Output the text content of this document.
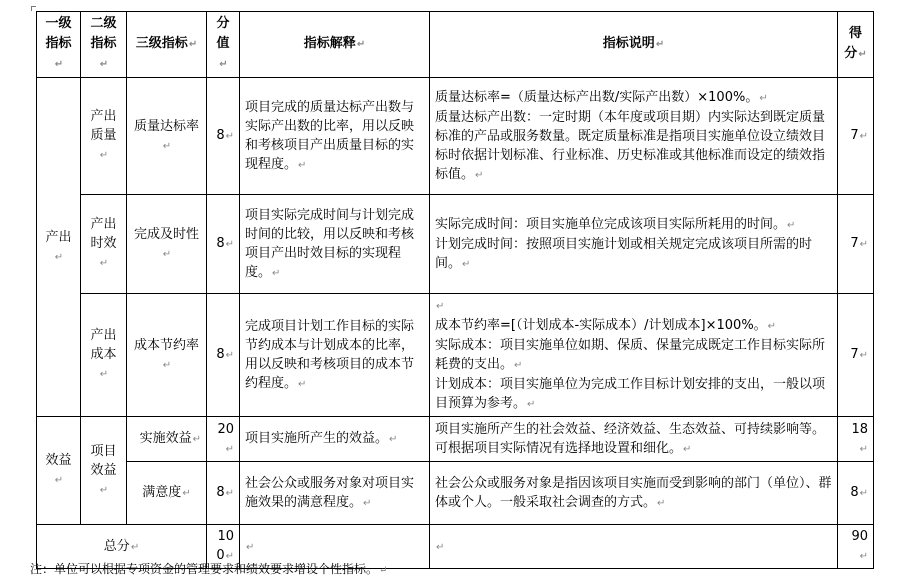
一级指标 ↵	二级指标 ↵	三级指标 ↵	分值 ↵	指标解释 ↵	指标说明 ↵	得分 ↵
产出 ↵	产出质量 ↵	质量达标率 ↵	8 ↵	项目完成的质量达标产出数与实际产出数的比率，用以反映和考核项目产出质量目标的实现程度。 ↵	质量达标率=（质量达标产出数/实际产出数）×100%。 ↵
质量达标产出数：一定时期（本年度或项目期）内实际达到既定质量标准的产品或服务数量。既定质量标准是指项目实施单位设立绩效目标时依据计划标准、行业标准、历史标准或其他标准而设定的绩效指标值。 ↵	7 ↵
	产出时效 ↵	完成及时性 ↵	8 ↵	项目实际完成时间与计划完成时间的比较，用以反映和考核项目产出时效目标的实现程度。 ↵	实际完成时间：项目实施单位完成该项目实际所耗用的时间。 ↵
计划完成时间：按照项目实施计划或相关规定完成该项目所需的时间。 ↵	7 ↵
	产出成本 ↵	成本节约率 ↵	8 ↵	完成项目计划工作目标的实际节约成本与计划成本的比率，用以反映和考核项目的成本节约程度。 ↵	
↵
成本节约率=[（计划成本-实际成本）/计划成本]×100%。 ↵
实际成本：项目实施单位如期、保质、保量完成既定工作目标实际所耗费的支出。 ↵
计划成本：项目实施单位为完成工作目标计划安排的支出，一般以项目预算为参考。 ↵	7 ↵
效益 ↵	项目效益 ↵	实施效益 ↵	20 ↵	项目实施所产生的效益。 ↵	项目实施所产生的社会效益、经济效益、生态效益、可持续影响等。可根据项目实际情况有选择地设置和细化。 ↵	18 ↵
		满意度 ↵	8 ↵	社会公众或服务对象对项目实施效果的满意程度。 ↵	社会公众或服务对象是指因该项目实施而受到影响的部门（单位）、群体或个人。一般采取社会调查的方式。 ↵	8 ↵
总分 ↵			100 ↵	↵	↵	90 ↵
注：单位可以根据专项资金的管理要求和绩效要求增设个性指标。 ↵
